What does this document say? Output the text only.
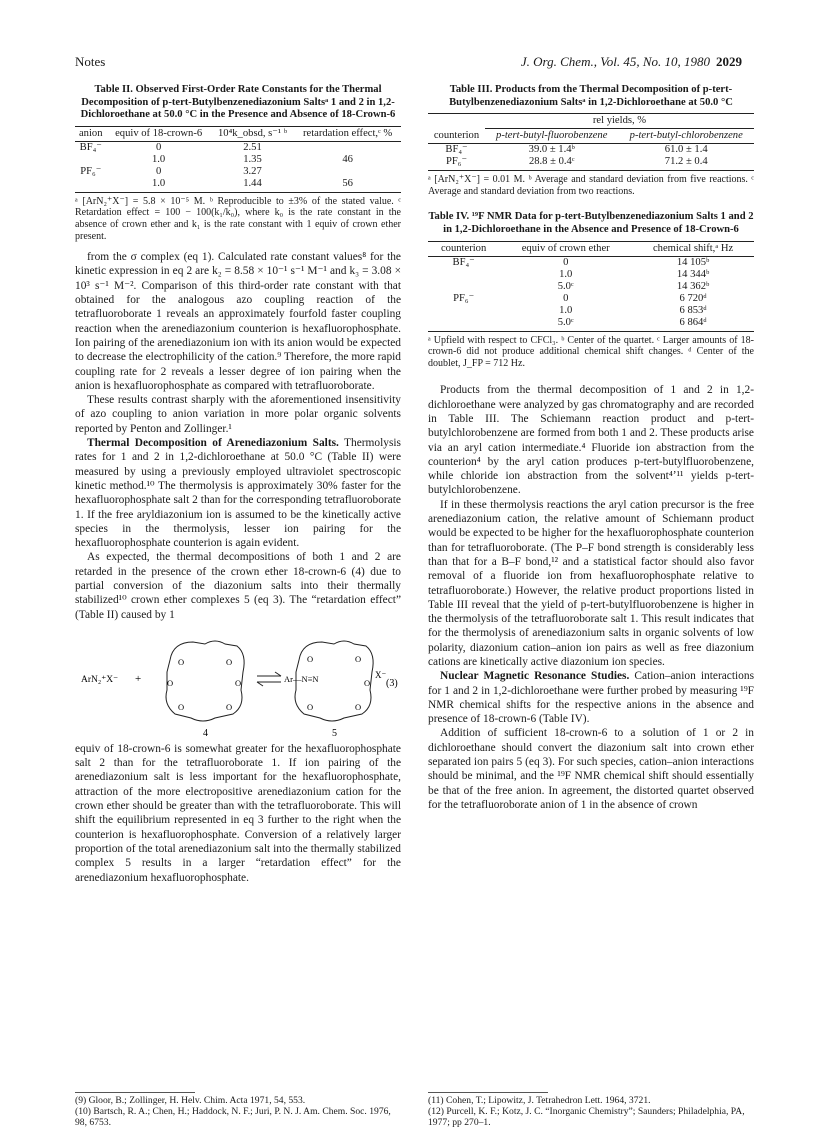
Notes	J. Org. Chem., Vol. 45, No. 10, 1980 2029
Table II. Observed First-Order Rate Constants for the Thermal Decomposition of p-tert-Butylbenzenediazonium Saltsᵃ 1 and 2 in 1,2-Dichloroethane at 50.0 °C in the Presence and Absence of 18-Crown-6
anion	equiv of 18-crown-6	10⁴k_obsd, s⁻¹ ᵇ	retardation effect,ᶜ %
BF₄⁻	0	2.51	
	1.0	1.35	46
PF₆⁻	0	3.27	
	1.0	1.44	56
ᵃ [ArN₂⁺X⁻] = 5.8 × 10⁻⁵ M. ᵇ Reproducible to ±3% of the stated value. ᶜ Retardation effect = 100 − 100(k₁/k₀), where k₀ is the rate constant in the absence of crown ether and k₁ is the rate constant with 1 equiv of crown ether present.

from the σ complex (eq 1). Calculated rate constant values⁸ for the kinetic expression in eq 2 are k₂ = 8.58 × 10⁻¹ s⁻¹ M⁻¹ and k₃ = 3.08 × 10³ s⁻¹ M⁻². Comparison of this third-order rate constant with that obtained for the analogous azo coupling reaction of the tetrafluoroborate 1 reveals an approximately fourfold faster coupling reaction when the arenediazonium counterion is hexafluorophosphate. Ion pairing of the arenediazonium ion with its anion would be expected to decrease the electrophilicity of the cation.⁹ Therefore, the more rapid coupling rate for 2 reveals a lesser degree of ion pairing when the anion is hexafluorophosphate as compared with tetrafluoroborate.

These results contrast sharply with the aforementioned insensitivity of azo coupling to anion variation in more polar organic solvents reported by Penton and Zollinger.¹

Thermal Decomposition of Arenediazonium Salts. Thermolysis rates for 1 and 2 in 1,2-dichloroethane at 50.0 °C (Table II) were measured by using a previously employed ultraviolet spectroscopic kinetic method.¹⁰ The thermolysis is approximately 30% faster for the hexafluorophosphate salt 2 than for the corresponding tetrafluoroborate 1. If the free aryldiazonium ion is assumed to be the kinetically active species in the thermolysis, lesser ion pairing for the hexafluorophosphate counterion is again evident.

As expected, the thermal decompositions of both 1 and 2 are retarded in the presence of the crown ether 18-crown-6 (4) due to partial conversion of the diazonium salts into their thermally stabilized¹⁰ crown ether complexes 5 (eq 3). The “retardation effect” (Table II) caused by 1

ArN₂⁺X⁻ +
O	O
O	O
O	O
Ar—N≡N
O	O
O
O	O
X⁻
(3)
4	5

equiv of 18-crown-6 is somewhat greater for the hexafluorophosphate salt 2 than for the tetrafluoroborate 1. If ion pairing of the arenediazonium salt is less important for the hexafluorophosphate, attraction of the more electropositive arenediazonium cation for the crown ether should be greater than with the tetrafluoroborate. This will shift the equilibrium represented in eq 3 further to the right when the counterion is hexafluorophosphate. Conversion of a relatively larger proportion of the total arenediazonium salt into the thermally stabilized complex 5 results in a larger “retardation effect” for the arenediazonium hexafluorophosphate.

Table III. Products from the Thermal Decomposition of p-tert-Butylbenzenediazonium Saltsᵃ in 1,2-Dichloroethane at 50.0 °C
	rel yields, %	
counterion	p-tert-butyl-fluorobenzene	p-tert-butyl-chlorobenzene
BF₄⁻	39.0 ± 1.4ᵇ	61.0 ± 1.4
PF₆⁻	28.8 ± 0.4ᶜ	71.2 ± 0.4
ᵃ [ArN₂⁺X⁻] = 0.01 M. ᵇ Average and standard deviation from five reactions. ᶜ Average and standard deviation from two reactions.
Table IV. ¹⁹F NMR Data for p-tert-Butylbenzenediazonium Salts 1 and 2 in 1,2-Dichloroethane in the Absence and Presence of 18-Crown-6
counterion	equiv of crown ether	chemical shift,ᵃ Hz
BF₄⁻	0	14 105ᵇ
	1.0	14 344ᵇ
	5.0ᶜ	14 362ᵇ
PF₆⁻	0	6 720ᵈ
	1.0	6 853ᵈ
	5.0ᶜ	6 864ᵈ
ᵃ Upfield with respect to CFCl₃. ᵇ Center of the quartet. ᶜ Larger amounts of 18-crown-6 did not produce additional chemical shift changes. ᵈ Center of the doublet, J_FP = 712 Hz.

Products from the thermal decomposition of 1 and 2 in 1,2-dichloroethane were analyzed by gas chromatography and are recorded in Table III. The Schiemann reaction product and p-tert-butylchlorobenzene are formed from both 1 and 2. These products arise via an aryl cation intermediate.⁴ Fluoride ion abstraction from the counterion⁴ by the aryl cation produces p-tert-butylfluorobenzene, while chloride ion abstraction from the solvent⁴ʼ¹¹ yields p-tert-butylchlorobenzene.

If in these thermolysis reactions the aryl cation precursor is the free arenediazonium cation, the relative amount of Schiemann product would be expected to be higher for the hexafluorophosphate counterion than for tetrafluoroborate. (The P–F bond strength is considerably less than that for a B–F bond,¹² and a statistical factor should also favor removal of a fluoride ion from hexafluorophosphate relative to tetrafluoroborate.) However, the relative product proportions listed in Table III reveal that the yield of p-tert-butylfluorobenzene is higher in the thermolysis of the tetrafluoroborate salt 1. This result indicates that for the thermolysis of arenediazonium salts in organic solvents of low polarity, diazonium cation–anion ion pairs as well as free diazonium cations are kinetically active diazonium ion species.

Nuclear Magnetic Resonance Studies. Cation–anion interactions for 1 and 2 in 1,2-dichloroethane were further probed by measuring ¹⁹F NMR chemical shifts for the respective anions in the absence and presence of 18-crown-6 (Table IV).

Addition of sufficient 18-crown-6 to a solution of 1 or 2 in dichloroethane should convert the diazonium salt into crown ether separated ion pairs 5 (eq 3). For such species, cation–anion interactions should be minimal, and the ¹⁹F NMR chemical shift should essentially be that of the free anion. In agreement, the distorted quartet observed for the tetrafluoroborate anion of 1 in the absence of crown

(9) Gloor, B.; Zollinger, H. Helv. Chim. Acta 1971, 54, 553.
(10) Bartsch, R. A.; Chen, H.; Haddock, N. F.; Juri, P. N. J. Am. Chem. Soc. 1976, 98, 6753.
(11) Cohen, T.; Lipowitz, J. Tetrahedron Lett. 1964, 3721.
(12) Purcell, K. F.; Kotz, J. C. “Inorganic Chemistry”; Saunders; Philadelphia, PA, 1977; pp 270–1.
